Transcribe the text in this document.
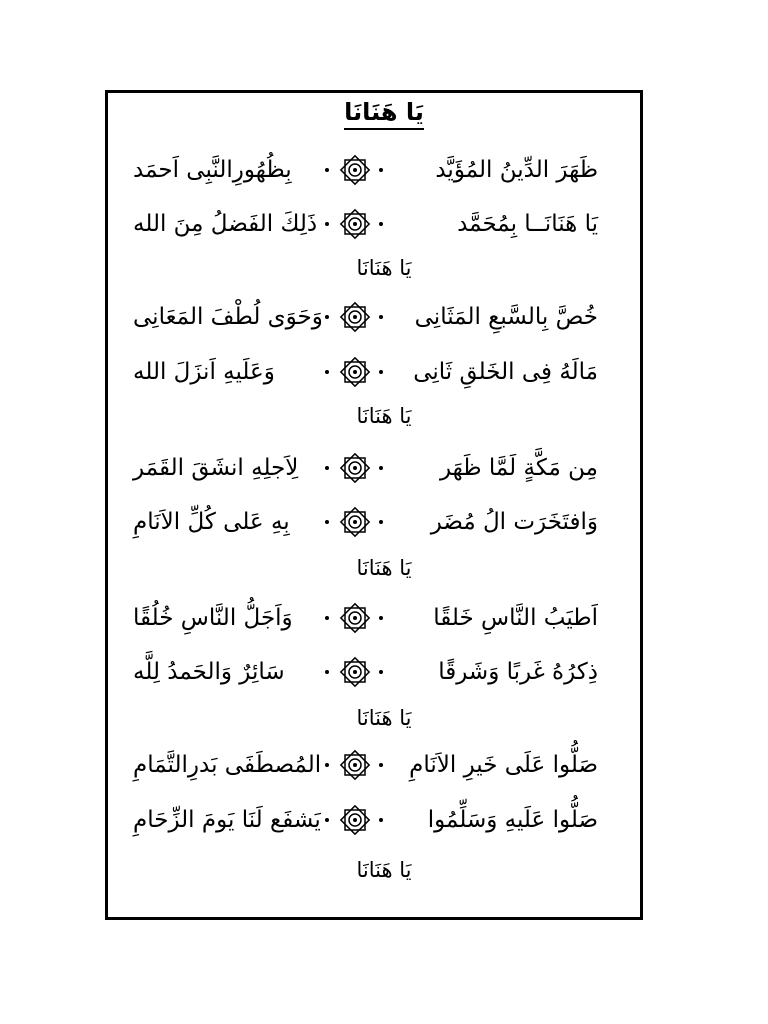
يَا هَنَانَا
ظَهَرَ الدِّينُ المُؤَيَّد
بِظُهُورِالنَّبِى اَحمَد
يَا هَنَانَــا بِمُحَمَّد
ذَلِكَ الفَضلُ مِنَ الله
خُصَّ بِالسَّبعِ المَثَانِى
وَحَوَى لُطْفَ المَعَانِى
مَالَهُ فِى الخَلقِ ثَانِى
وَعَلَيهِ اَنزَلَ الله
مِن مَكَّةٍ لَمَّا ظَهَر
لِاَجلِهِ انشَقَ القَمَر
وَافتَخَرَت الُ مُضَر
بِهِ عَلى كُلِّ الاَنَامِ
اَطيَبُ النَّاسِ خَلقًا
وَاَجَلُّ النَّاسِ خُلُقًا
ذِكرُهُ غَربًا وَشَرقًا
سَائِرٌ وَالحَمدُ لِلَّه
صَلُّوا عَلَى خَيرِ الاَنَامِ
المُصطَفَى بَدرِالتَّمَامِ
صَلُّوا عَلَيهِ وَسَلِّمُوا
يَشفَع لَنَا يَومَ الزِّحَامِ
يَا هَنَانَا
يَا هَنَانَا
يَا هَنَانَا
يَا هَنَانَا
يَا هَنَانَا
